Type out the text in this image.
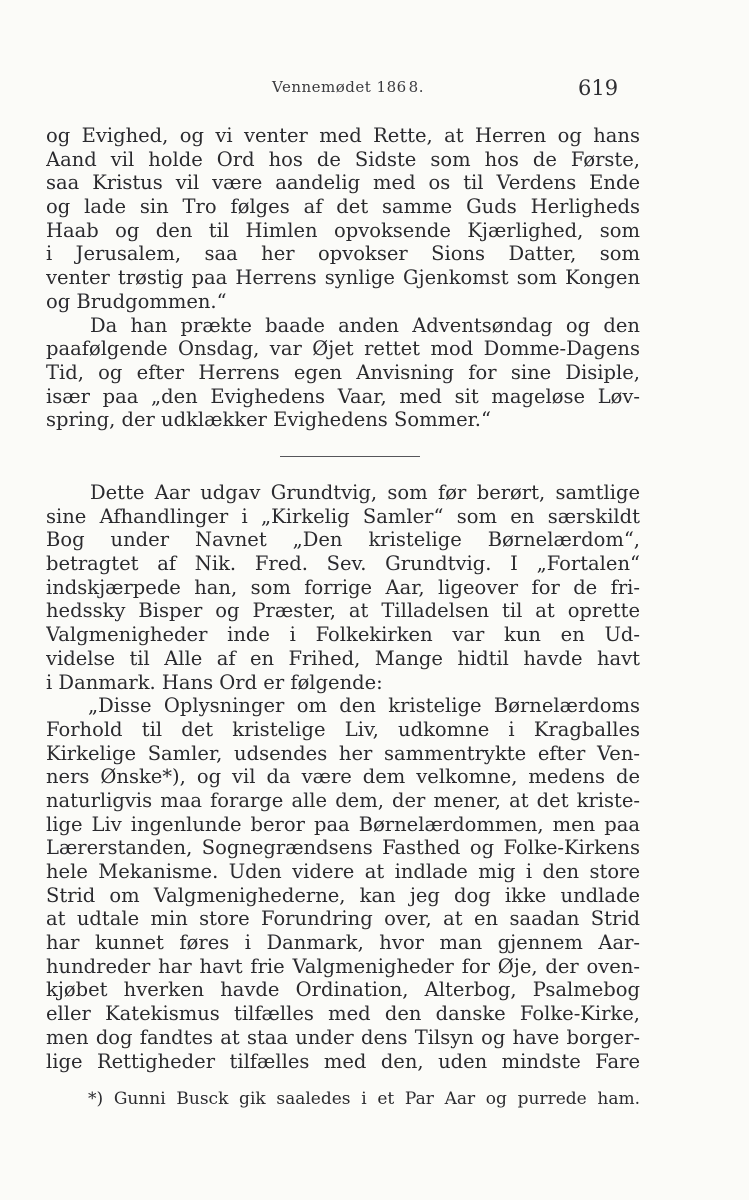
Vennemødet 186 8.	619
og Evighed, og vi venter med Rette, at Herren og hans
Aand vil holde Ord hos de Sidste som hos de Første,
saa Kristus vil være aandelig med os til Verdens Ende
og lade sin Tro følges af det samme Guds Herligheds
Haab og den til Himlen opvoksende Kjærlighed, som
i Jerusalem, saa her opvokser Sions Datter, som
venter trøstig paa Herrens synlige Gjenkomst som Kongen
og Brudgommen.“
Da han prækte baade anden Adventsøndag og den
paafølgende Onsdag, var Øjet rettet mod Domme-Dagens
Tid, og efter Herrens egen Anvisning for sine Disiple,
især paa „den Evighedens Vaar, med sit mageløse Løv-
spring, der udklækker Evighedens Sommer.“
Dette Aar udgav Grundtvig, som før berørt, samtlige
sine Afhandlinger i „Kirkelig Samler“ som en særskildt
Bog under Navnet „Den kristelige Børnelærdom“,
betragtet af Nik. Fred. Sev. Grundtvig. I „Fortalen“
indskjærpede han, som forrige Aar, ligeover for de fri-
hedssky Bisper og Præster, at Tilladelsen til at oprette
Valgmenigheder inde i Folkekirken var kun en Ud-
videlse til Alle af en Frihed, Mange hidtil havde havt
i Danmark. Hans Ord er følgende:
„Disse Oplysninger om den kristelige Børnelærdoms
Forhold til det kristelige Liv, udkomne i Kragballes
Kirkelige Samler, udsendes her sammentrykte efter Ven-
ners Ønske*), og vil da være dem velkomne, medens de
naturligvis maa forarge alle dem, der mener, at det kriste-
lige Liv ingenlunde beror paa Børnelærdommen, men paa
Lærerstanden, Sognegrændsens Fasthed og Folke-Kirkens
hele Mekanisme. Uden videre at indlade mig i den store
Strid om Valgmenighederne, kan jeg dog ikke undlade
at udtale min store Forundring over, at en saadan Strid
har kunnet føres i Danmark, hvor man gjennem Aar-
hundreder har havt frie Valgmenigheder for Øje, der oven-
kjøbet hverken havde Ordination, Alterbog, Psalmebog
eller Katekismus tilfælles med den danske Folke-Kirke,
men dog fandtes at staa under dens Tilsyn og have borger-
lige Rettigheder tilfælles med den, uden mindste Fare
*) Gunni Busck gik saaledes i et Par Aar og purrede ham.
